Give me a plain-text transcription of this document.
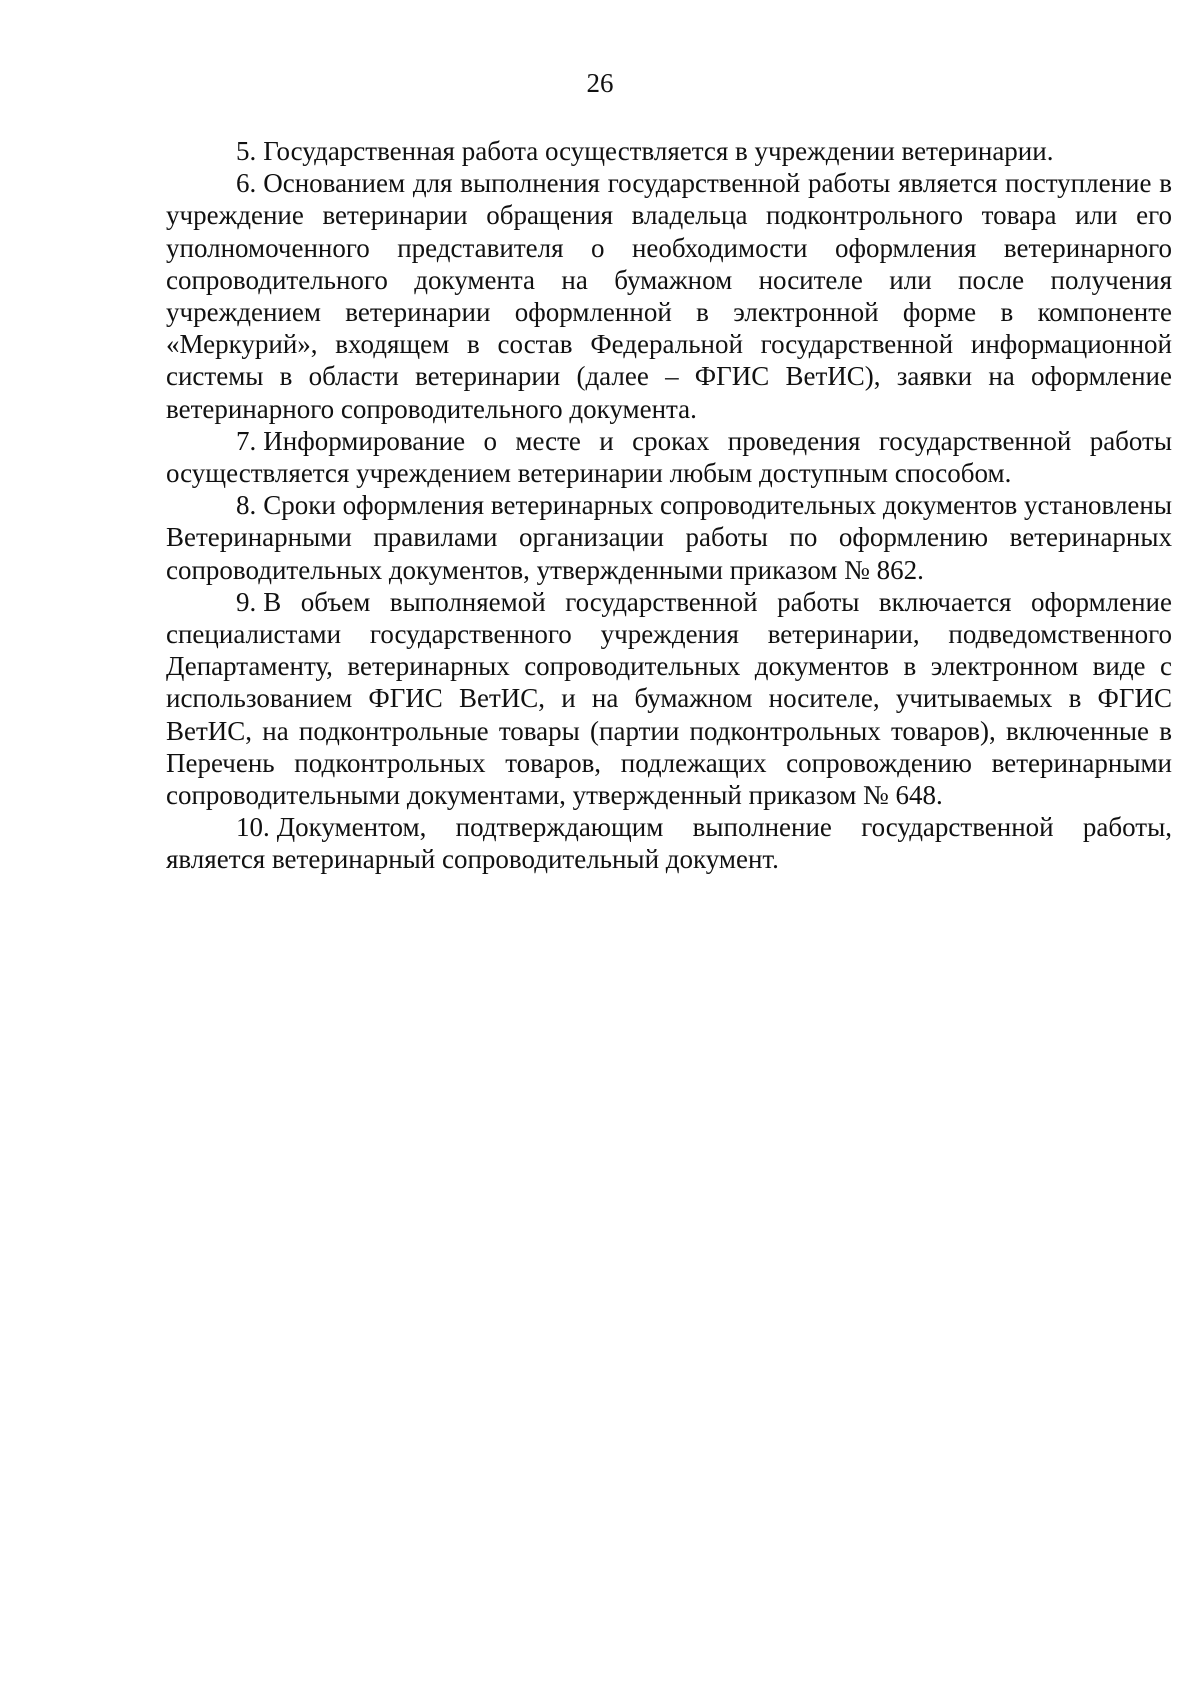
26

5. Государственная работа осуществляется в учреждении ветеринарии.

6. Основанием для выполнения государственной работы является поступление в учреждение ветеринарии обращения владельца подконтрольного товара или его уполномоченного представителя о необходимости оформления ветеринарного сопроводительного документа на бумажном носителе или после получения учреждением ветеринарии оформленной в электронной форме в компоненте «Меркурий», входящем в состав Федеральной государственной информационной системы в области ветеринарии (далее – ФГИС ВетИС), заявки на оформление ветеринарного сопроводительного документа.

7. Информирование о месте и сроках проведения государственной работы осуществляется учреждением ветеринарии любым доступным способом.

8. Сроки оформления ветеринарных сопроводительных документов установлены Ветеринарными правилами организации работы по оформлению ветеринарных сопроводительных документов, утвержденными приказом № 862.

9. В объем выполняемой государственной работы включается оформление специалистами государственного учреждения ветеринарии, подведомственного Департаменту, ветеринарных сопроводительных документов в электронном виде с использованием ФГИС ВетИС, и на бумажном носителе, учитываемых в ФГИС ВетИС, на подконтрольные товары (партии подконтрольных товаров), включенные в Перечень подконтрольных товаров, подлежащих сопровождению ветеринарными сопроводительными документами, утвержденный приказом № 648.

10. Документом, подтверждающим выполнение государственной работы, является ветеринарный сопроводительный документ.
